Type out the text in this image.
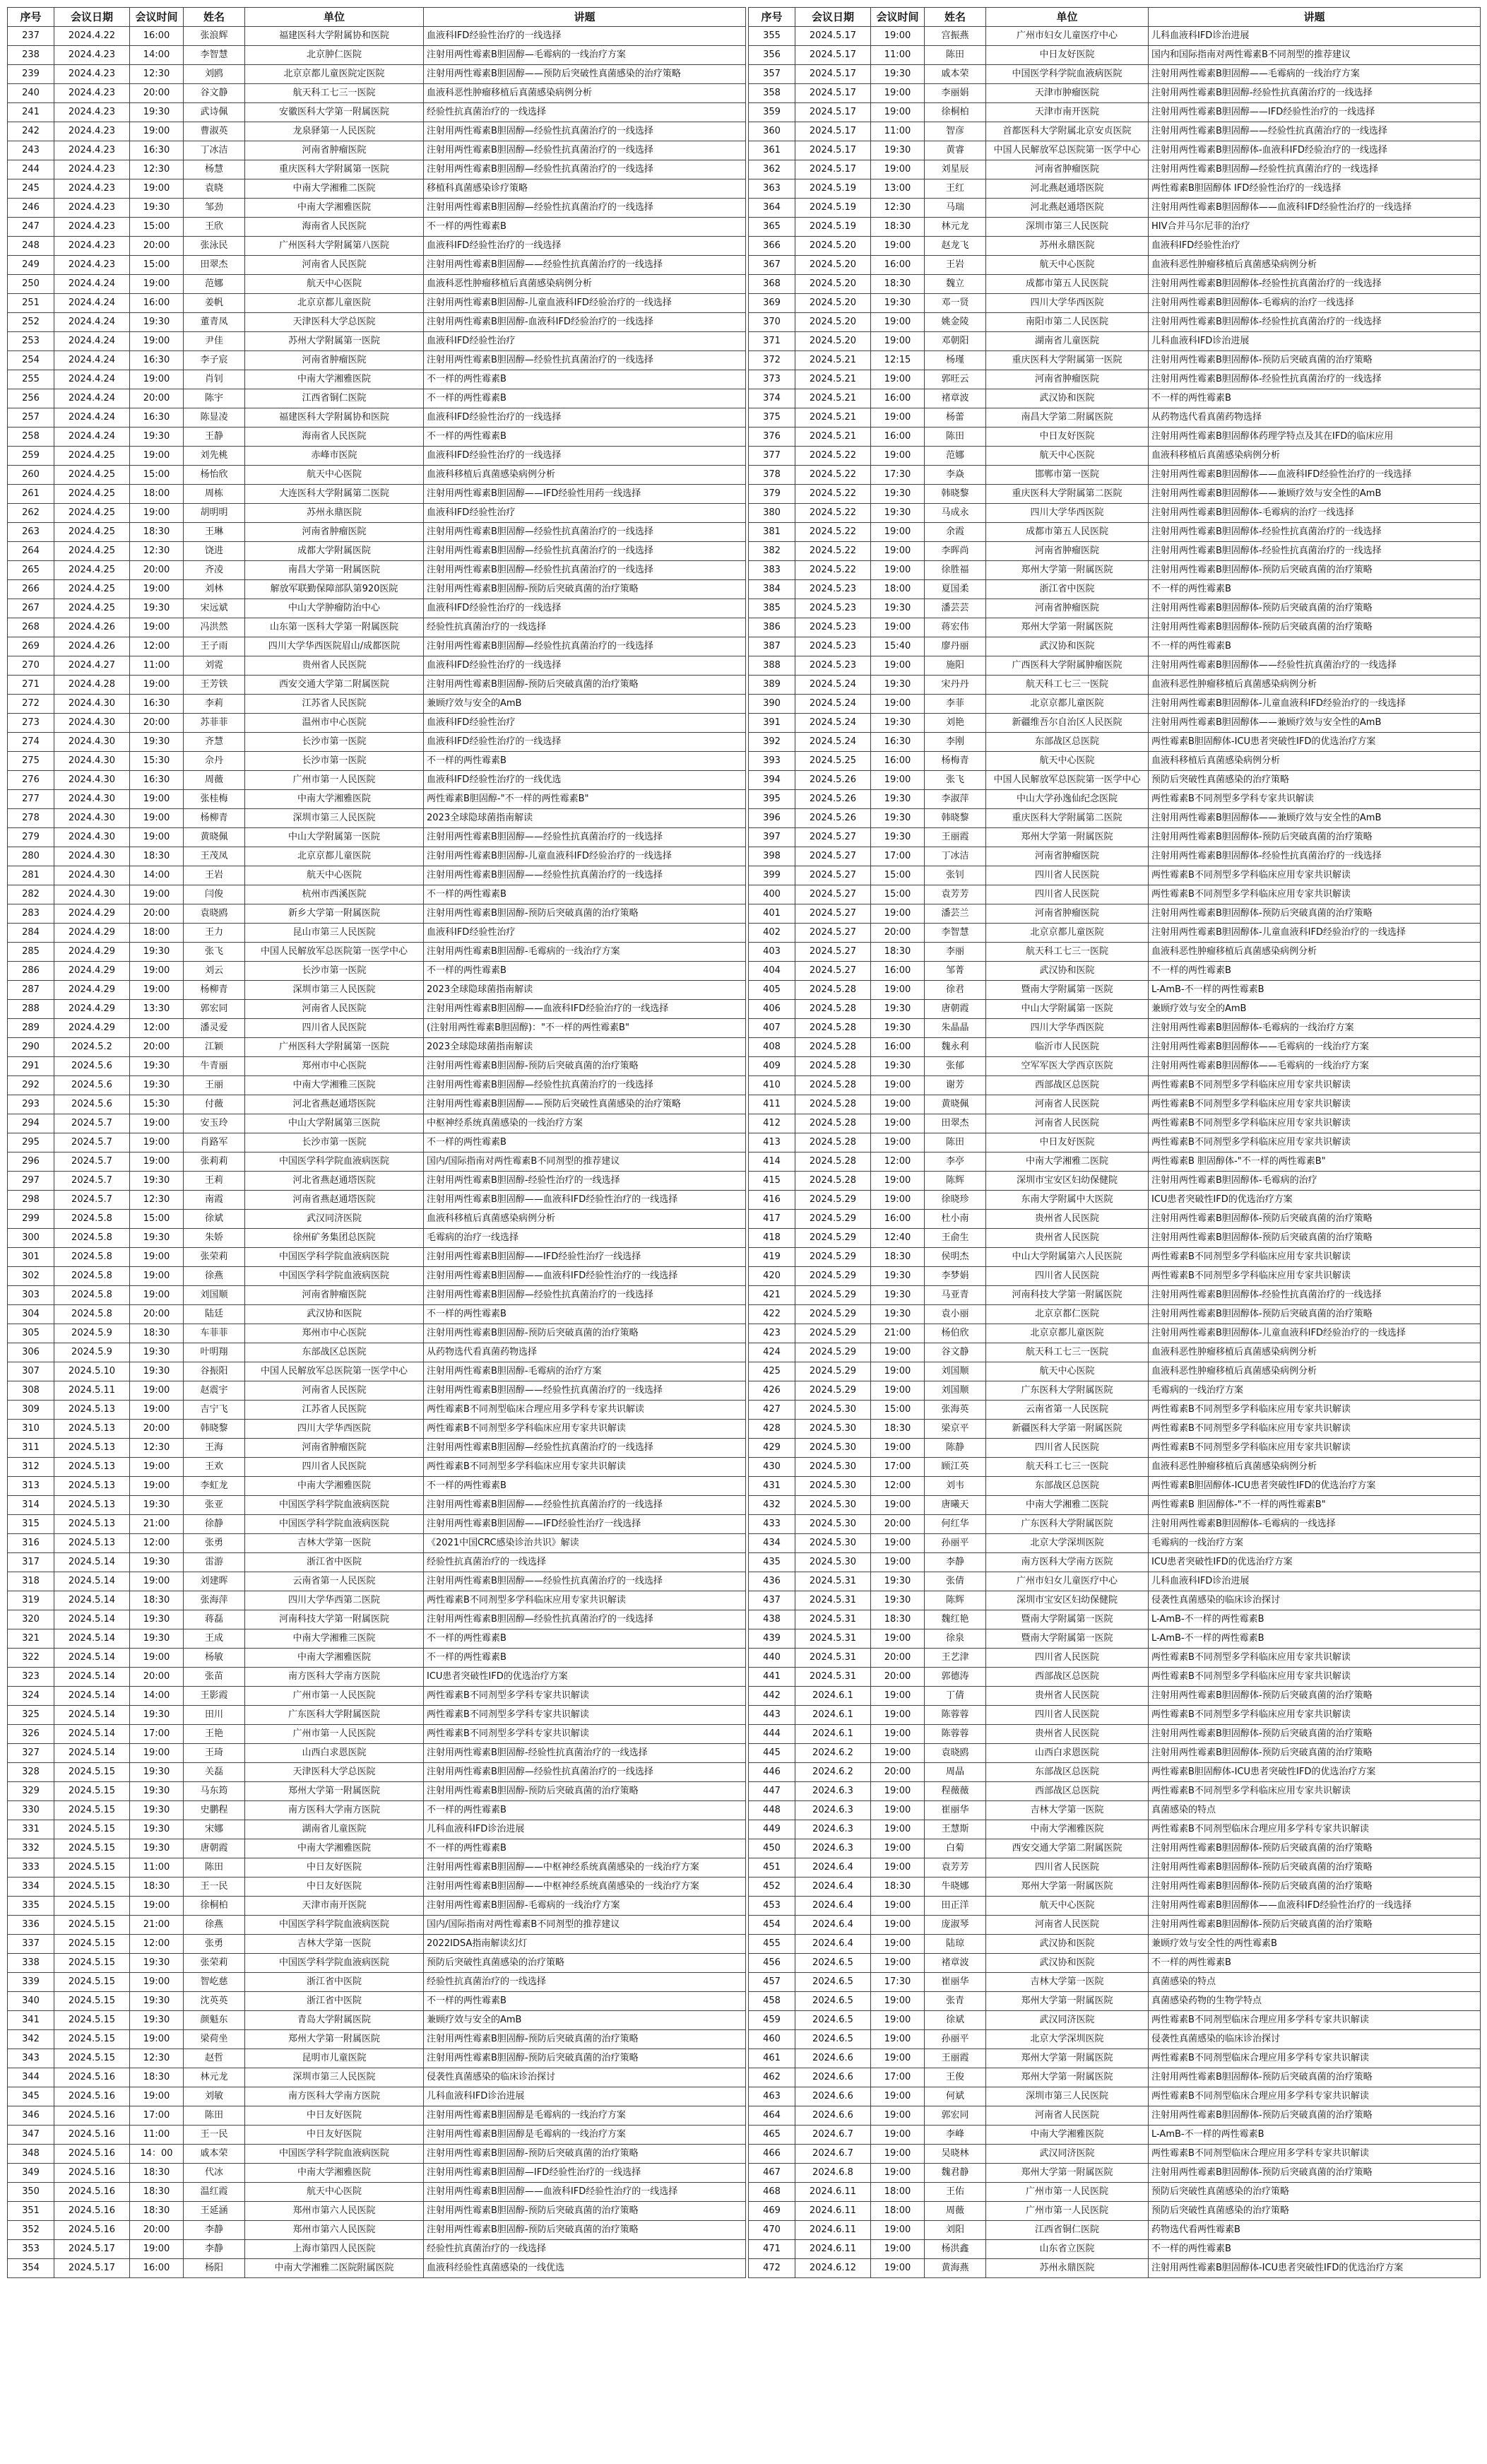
序号	会议日期	会议时间	姓名	单位	讲题
237	2024.4.22	16:00	张浪辉	福建医科大学附属协和医院	血液科IFD经验性治疗的一线选择
238	2024.4.23	14:00	李智慧	北京肿仁医院	注射用两性霉素B胆固醇—毛霉病的一线治疗方案
239	2024.4.23	12:30	刘鸥	北京京都儿童医院定医院	注射用两性霉素B胆固醇——预防后突破性真菌感染的治疗策略
240	2024.4.23	20:00	谷文静	航天科工七三一医院	血液科恶性肿瘤移植后真菌感染病例分析
241	2024.4.23	19:30	武诗佩	安徽医科大学第一附属医院	经验性抗真菌治疗的一线选择
242	2024.4.23	19:00	曹淑英	龙泉驿第一人民医院	注射用两性霉素B胆固醇—经验性抗真菌治疗的一线选择
243	2024.4.23	16:30	丁冰洁	河南省肿瘤医院	注射用两性霉素B胆固醇—经验性抗真菌治疗的一线选择
244	2024.4.23	12:30	杨慧	重庆医科大学附属第一医院	注射用两性霉素B胆固醇—经验性抗真菌治疗的一线选择
245	2024.4.23	19:00	袁晓	中南大学湘雅二医院	移植科真菌感染诊疗策略
246	2024.4.23	19:30	邹劲	中南大学湘雅医院	注射用两性霉素B胆固醇—经验性抗真菌治疗的一线选择
247	2024.4.23	15:00	王欣	海南省人民医院	不一样的两性霉素B
248	2024.4.23	20:00	张泳民	广州医科大学附属第八医院	血液科IFD经验性治疗的一线选择
249	2024.4.23	15:00	田翠杰	河南省人民医院	注射用两性霉素B胆固醇——经验性抗真菌治疗的一线选择
250	2024.4.24	19:00	范娜	航天中心医院	血液科恶性肿瘤移植后真菌感染病例分析
251	2024.4.24	16:00	姜帆	北京京都儿童医院	注射用两性霉素B胆固醇-儿童血液科IFD经验治疗的一线选择
252	2024.4.24	19:30	董青凤	天津医科大学总医院	注射用两性霉素B胆固醇-血液科IFD经验治疗的一线选择
253	2024.4.24	19:00	尹佳	苏州大学附属第一医院	血液科IFD经验性治疗
254	2024.4.24	16:30	李子宸	河南省肿瘤医院	注射用两性霉素B胆固醇—经验性抗真菌治疗的一线选择
255	2024.4.24	19:00	肖钊	中南大学湘雅医院	不一样的两性霉素B
256	2024.4.24	20:00	陈宇	江西省铜仁医院	不一样的两性霉素B
257	2024.4.24	16:30	陈显凌	福建医科大学附属协和医院	血液科IFD经验性治疗的一线选择
258	2024.4.24	19:30	王静	海南省人民医院	不一样的两性霉素B
259	2024.4.25	19:00	刘先桃	赤峰市医院	血液科IFD经验性治疗的一线选择
260	2024.4.25	15:00	杨怡欣	航天中心医院	血液科移植后真菌感染病例分析
261	2024.4.25	18:00	周栋	大连医科大学附属第二医院	注射用两性霉素B胆固醇——IFD经验性用药一线选择
262	2024.4.25	19:00	胡明明	苏州永鼎医院	血液科IFD经验性治疗
263	2024.4.25	18:30	王琳	河南省肿瘤医院	注射用两性霉素B胆固醇—经验性抗真菌治疗的一线选择
264	2024.4.25	12:30	饶进	成都大学附属医院	注射用两性霉素B胆固醇—经验性抗真菌治疗的一线选择
265	2024.4.25	20:00	齐凌	南昌大学第一附属医院	注射用两性霉素B胆固醇—经验性抗真菌治疗的一线选择
266	2024.4.25	19:00	刘林	解放军联勤保障部队第920医院	注射用两性霉素B胆固醇-预防后突破真菌的治疗策略
267	2024.4.25	19:30	宋远斌	中山大学肿瘤防治中心	血液科IFD经验性治疗的一线选择
268	2024.4.26	19:00	冯洪然	山东第一医科大学第一附属医院	经验性抗真菌治疗的一线选择
269	2024.4.26	12:00	王子雨	四川大学华西医院眉山/成都医院	注射用两性霉素B胆固醇—经验性抗真菌治疗的一线选择
270	2024.4.27	11:00	刘霓	贵州省人民医院	血液科IFD经验性治疗的一线选择
271	2024.4.28	19:00	王芳铁	西安交通大学第二附属医院	注射用两性霉素B胆固醇-预防后突破真菌的治疗策略
272	2024.4.30	16:30	李莉	江苏省人民医院	兼顾疗效与安全的AmB
273	2024.4.30	20:00	苏菲菲	温州市中心医院	血液科IFD经验性治疗
274	2024.4.30	19:30	齐慧	长沙市第一医院	血液科IFD经验性治疗的一线选择
275	2024.4.30	15:30	佘丹	长沙市第一医院	不一样的两性霉素B
276	2024.4.30	16:30	周薇	广州市第一人民医院	血液科IFD经验性治疗的一线优选
277	2024.4.30	19:00	张桂梅	中南大学湘雅医院	两性霉素B胆固醇-"不一样的两性霉素B"
278	2024.4.30	19:00	杨柳青	深圳市第三人民医院	2023全球隐球菌指南解读
279	2024.4.30	19:00	黄晓佩	中山大学附属第一医院	注射用两性霉素B胆固醇——经验性抗真菌治疗的一线选择
280	2024.4.30	18:30	王茂凤	北京京都儿童医院	注射用两性霉素B胆固醇-儿童血液科IFD经验治疗的一线选择
281	2024.4.30	14:00	王岩	航天中心医院	注射用两性霉素B胆固醇——经验性抗真菌治疗的一线选择
282	2024.4.30	19:00	闫俊	杭州市西溪医院	不一样的两性霉素B
283	2024.4.29	20:00	袁晓鸥	新乡大学第一附属医院	注射用两性霉素B胆固醇-预防后突破真菌的治疗策略
284	2024.4.29	18:00	王力	昆山市第三人民医院	血液科IFD经验性治疗
285	2024.4.29	19:30	张飞	中国人民解放军总医院第一医学中心	注射用两性霉素B胆固醇-毛霉病的一线治疗方案
286	2024.4.29	19:00	刘云	长沙市第一医院	不一样的两性霉素B
287	2024.4.29	19:00	杨柳青	深圳市第三人民医院	2023全球隐球菌指南解读
288	2024.4.29	13:30	郭宏同	河南省人民医院	注射用两性霉素B胆固醇——血液科IFD经验治疗的一线选择
289	2024.4.29	12:00	潘灵爱	四川省人民医院	(注射用两性霉素B胆固醇)："不一样的两性霉素B"
290	2024.5.2	20:00	江颖	广州医科大学附属第一医院	2023全球隐球菌指南解读
291	2024.5.6	19:30	牛青丽	郑州市中心医院	注射用两性霉素B胆固醇-预防后突破真菌的治疗策略
292	2024.5.6	19:30	王丽	中南大学湘雅三医院	注射用两性霉素B胆固醇—经验性抗真菌治疗的一线选择
293	2024.5.6	15:30	付薇	河北省燕赵通塔医院	注射用两性霉素B胆固醇——预防后突破性真菌感染的治疗策略
294	2024.5.7	19:00	安玉玲	中山大学附属第三医院	中枢神经系统真菌感染的一线治疗方案
295	2024.5.7	19:00	肖路军	长沙市第一医院	不一样的两性霉素B
296	2024.5.7	19:00	张莉莉	中国医学科学院血液病医院	国内/国际指南对两性霉素B不同剂型的推荐建议
297	2024.5.7	19:30	王莉	河北省燕赵通塔医院	注射用两性霉素B胆固醇-经验性治疗的一线选择
298	2024.5.7	12:30	南霞	河南省燕赵通塔医院	注射用两性霉素B胆固醇——血液科IFD经验性治疗的一线选择
299	2024.5.8	15:00	徐斌	武汉同济医院	血液科移植后真菌感染病例分析
300	2024.5.8	19:30	朱娇	徐州矿务集团总医院	毛霉病的治疗一线选择
301	2024.5.8	19:00	张荣莉	中国医学科学院血液病医院	注射用两性霉素B胆固醇——IFD经验性治疗一线选择
302	2024.5.8	19:00	徐燕	中国医学科学院血液病医院	注射用两性霉素B胆固醇——血液科IFD经验性治疗的一线选择
303	2024.5.8	19:00	刘国顺	河南省肿瘤医院	注射用两性霉素B胆固醇—经验性抗真菌治疗的一线选择
304	2024.5.8	20:00	陆廷	武汉协和医院	不一样的两性霉素B
305	2024.5.9	18:30	车菲菲	郑州市中心医院	注射用两性霉素B胆固醇-预防后突破真菌的治疗策略
306	2024.5.9	19:30	叶明翔	东部战区总医院	从药物选代看真菌药物选择
307	2024.5.10	19:30	谷振阳	中国人民解放军总医院第一医学中心	注射用两性霉素B胆固醇-毛霉病的治疗方案
308	2024.5.11	19:00	赵震宇	河南省人民医院	注射用两性霉素B胆固醇——经验性抗真菌治疗的一线选择
309	2024.5.13	19:00	吉宁飞	江苏省人民医院	两性霉素B不同剂型临床合理应用多学科专家共识解读
310	2024.5.13	20:00	韩晓黎	四川大学华西医院	两性霉素B不同剂型多学科临床应用专家共识解读
311	2024.5.13	12:30	王海	河南省肿瘤医院	注射用两性霉素B胆固醇—经验性抗真菌治疗的一线选择
312	2024.5.13	19:00	王欢	四川省人民医院	两性霉素B不同剂型多学科临床应用专家共识解读
313	2024.5.13	19:00	李虹龙	中南大学湘雅医院	不一样的两性霉素B
314	2024.5.13	19:30	张亚	中国医学科学院血液病医院	注射用两性霉素B胆固醇——经验性抗真菌治疗的一线选择
315	2024.5.13	21:00	徐静	中国医学科学院血液病医院	注射用两性霉素B胆固醇——IFD经验性治疗一线选择
316	2024.5.13	12:00	张勇	吉林大学第一医院	《2021中国CRC感染诊治共识》解读
317	2024.5.14	19:30	雷游	浙江省中医院	经验性抗真菌治疗的一线选择
318	2024.5.14	19:00	刘建晖	云南省第一人民医院	注射用两性霉素B胆固醇——经验性抗真菌治疗的一线选择
319	2024.5.14	18:30	张海萍	四川大学华西第二医院	两性霉素B不同剂型多学科临床应用专家共识解读
320	2024.5.14	19:30	蒋磊	河南科技大学第一附属医院	注射用两性霉素B胆固醇—经验性抗真菌治疗的一线选择
321	2024.5.14	19:30	王成	中南大学湘雅三医院	不一样的两性霉素B
322	2024.5.14	19:00	杨敏	中南大学湘雅医院	不一样的两性霉素B
323	2024.5.14	20:00	张苗	南方医科大学南方医院	ICU患者突破性IFD的优选治疗方案
324	2024.5.14	14:00	王影霞	广州市第一人民医院	两性霉素B不同剂型多学科专家共识解读
325	2024.5.14	19:30	田川	广东医科大学附属医院	两性霉素B不同剂型多学科专家共识解读
326	2024.5.14	17:00	王艳	广州市第一人民医院	两性霉素B不同剂型多学科专家共识解读
327	2024.5.14	19:00	王琦	山西白求恩医院	注射用两性霉素B胆固醇-经验性抗真菌治疗的一线选择
328	2024.5.15	19:30	关磊	天津医科大学总医院	注射用两性霉素B胆固醇—经验性抗真菌治疗的一线选择
329	2024.5.15	19:30	马东筠	郑州大学第一附属医院	注射用两性霉素B胆固醇-预防后突破真菌的治疗策略
330	2024.5.15	19:30	史鹏程	南方医科大学南方医院	不一样的两性霉素B
331	2024.5.15	19:30	宋娜	湖南省儿童医院	儿科血液科IFD诊治进展
332	2024.5.15	19:30	唐朝霞	中南大学湘雅医院	不一样的两性霉素B
333	2024.5.15	11:00	陈田	中日友好医院	注射用两性霉素B胆固醇——中枢神经系统真菌感染的一线治疗方案
334	2024.5.15	18:30	王一民	中日友好医院	注射用两性霉素B胆固醇——中枢神经系统真菌感染的一线治疗方案
335	2024.5.15	19:00	徐桐柏	天津市南开医院	注射用两性霉素B胆固醇-毛霉病的一线治疗方案
336	2024.5.15	21:00	徐燕	中国医学科学院血液病医院	国内/国际指南对两性霉素B不同剂型的推荐建议
337	2024.5.15	12:00	张勇	吉林大学第一医院	2022IDSA指南解读幻灯
338	2024.5.15	19:30	张荣莉	中国医学科学院血液病医院	预防后突破性真菌感染的治疗策略
339	2024.5.15	19:00	智屹慈	浙江省中医院	经验性抗真菌治疗的一线选择
340	2024.5.15	19:30	沈英英	浙江省中医院	不一样的两性霉素B
341	2024.5.15	19:30	颜魁东	青岛大学附属医院	兼顾疗效与安全的AmB
342	2024.5.15	19:00	梁荷坐	郑州大学第一附属医院	注射用两性霉素B胆固醇-预防后突破真菌的治疗策略
343	2024.5.15	12:30	赵哲	昆明市儿童医院	注射用两性霉素B胆固醇-预防后突破真菌的治疗策略
344	2024.5.16	18:30	林元龙	深圳市第三人民医院	侵袭性真菌感染的临床诊治探讨
345	2024.5.16	19:00	刘敏	南方医科大学南方医院	儿科血液科IFD诊治进展
346	2024.5.16	17:00	陈田	中日友好医院	注射用两性霉素B胆固醇是毛霉病的一线治疗方案
347	2024.5.16	11:00	王一民	中日友好医院	注射用两性霉素B胆固醇是毛霉病的一线治疗方案
348	2024.5.16	14：00	戚本荣	中国医学科学院血液病医院	注射用两性霉素B胆固醇-预防后突破真菌的治疗策略
349	2024.5.16	18:30	代冰	中南大学湘雅医院	注射用两性霉素B胆固醇—IFD经验性治疗的一线选择
350	2024.5.16	18:30	温红霞	航天中心医院	注射用两性霉素B胆固醇——血液科IFD经验性治疗的一线选择
351	2024.5.16	18:30	王延涵	郑州市第六人民医院	注射用两性霉素B胆固醇-预防后突破真菌的治疗策略
352	2024.5.16	20:00	李静	郑州市第六人民医院	注射用两性霉素B胆固醇-预防后突破真菌的治疗策略
353	2024.5.17	19:00	李静	上海市第四人民医院	经验性抗真菌治疗的一线选择
354	2024.5.17	16:00	杨阳	中南大学湘雅二医院附属医院	血液科经验性真菌感染的一线优选
序号	会议日期	会议时间	姓名	单位	讲题
355	2024.5.17	19:00	宫振燕	广州市妇女儿童医疗中心	儿科血液科IFD诊治进展
356	2024.5.17	11:00	陈田	中日友好医院	国内和国际指南对两性霉素B不同剂型的推荐建议
357	2024.5.17	19:30	戚本荣	中国医学科学院血液病医院	注射用两性霉素B胆固醇——毛霉病的一线治疗方案
358	2024.5.17	19:00	李丽娟	天津市肿瘤医院	注射用两性霉素B胆固醇-经验性抗真菌治疗的一线选择
359	2024.5.17	19:00	徐桐柏	天津市南开医院	注射用两性霉素B胆固醇——IFD经验性治疗的一线选择
360	2024.5.17	11:00	智彦	首都医科大学附属北京安贞医院	注射用两性霉素B胆固醇——经验性抗真菌治疗的一线选择
361	2024.5.17	19:30	黄睿	中国人民解放军总医院第一医学中心	注射用两性霉素B胆固醇体-血液科IFD经验治疗的一线选择
362	2024.5.17	19:00	刘星辰	河南省肿瘤医院	注射用两性霉素B胆固醇—经验性抗真菌治疗的一线选择
363	2024.5.19	13:00	王红	河北燕赵通塔医院	两性霉素B胆固醇体 IFD经验性治疗的一线选择
364	2024.5.19	12:30	马瑞	河北燕赵通塔医院	注射用两性霉素B胆固醇体——血液科IFD经验性治疗的一线选择
365	2024.5.19	18:30	林元龙	深圳市第三人民医院	HIV合并马尔尼菲的治疗
366	2024.5.20	19:00	赵龙飞	苏州永鼎医院	血液科IFD经验性治疗
367	2024.5.20	16:00	王岩	航天中心医院	血液科恶性肿瘤移植后真菌感染病例分析
368	2024.5.20	18:30	魏立	成都市第五人民医院	注射用两性霉素B胆固醇体-经验性抗真菌治疗的一线选择
369	2024.5.20	19:30	邓一贤	四川大学华西医院	注射用两性霉素B胆固醇体-毛霉病的治疗一线选择
370	2024.5.20	19:00	姚金陵	南阳市第二人民医院	注射用两性霉素B胆固醇体-经验性抗真菌治疗的一线选择
371	2024.5.20	19:00	邓朝阳	湖南省儿童医院	儿科血液科IFD诊治进展
372	2024.5.21	12:15	杨瑾	重庆医科大学附属第一医院	注射用两性霉素B胆固醇体-预防后突破真菌的治疗策略
373	2024.5.21	19:00	郭旺云	河南省肿瘤医院	注射用两性霉素B胆固醇体-经验性抗真菌治疗的一线选择
374	2024.5.21	16:00	褚章波	武汉协和医院	不一样的两性霉素B
375	2024.5.21	19:00	杨蕾	南昌大学第二附属医院	从药物选代看真菌药物选择
376	2024.5.21	16:00	陈田	中日友好医院	注射用两性霉素B胆固醇体药理学特点及其在IFD的临床应用
377	2024.5.22	19:00	范娜	航天中心医院	血液科移植后真菌感染病例分析
378	2024.5.22	17:30	李焱	邯郸市第一医院	注射用两性霉素B胆固醇体——血液科IFD经验性治疗的一线选择
379	2024.5.22	19:30	韩晓黎	重庆医科大学附属第二医院	注射用两性霉素B胆固醇体——兼顾疗效与安全性的AmB
380	2024.5.22	19:30	马成永	四川大学华西医院	注射用两性霉素B胆固醇体-毛霉病的治疗一线选择
381	2024.5.22	19:00	余霞	成都市第五人民医院	注射用两性霉素B胆固醇体-经验性抗真菌治疗的一线选择
382	2024.5.22	19:00	李晖尚	河南省肿瘤医院	注射用两性霉素B胆固醇体-经验性抗真菌治疗的一线选择
383	2024.5.22	19:00	徐胜福	郑州大学第一附属医院	注射用两性霉素B胆固醇体-预防后突破真菌的治疗策略
384	2024.5.23	18:00	夏国柔	浙江省中医院	不一样的两性霉素B
385	2024.5.23	19:30	潘芸芸	河南省肿瘤医院	注射用两性霉素B胆固醇体-预防后突破真菌的治疗策略
386	2024.5.23	19:00	蒋宏伟	郑州大学第一附属医院	注射用两性霉素B胆固醇体-预防后突破真菌的治疗策略
387	2024.5.23	15:40	廖丹丽	武汉协和医院	不一样的两性霉素B
388	2024.5.23	19:00	施阳	广西医科大学附属肿瘤医院	注射用两性霉素B胆固醇体——经验性抗真菌治疗的一线选择
389	2024.5.24	19:30	宋丹丹	航天科工七三一医院	血液科恶性肿瘤移植后真菌感染病例分析
390	2024.5.24	19:00	李菲	北京京都儿童医院	注射用两性霉素B胆固醇体-儿童血液科IFD经验治疗的一线选择
391	2024.5.24	19:30	刘艳	新疆维吾尔自治区人民医院	注射用两性霉素B胆固醇体——兼顾疗效与安全性的AmB
392	2024.5.24	16:30	李刚	东部战区总医院	两性霉素B胆固醇体-ICU患者突破性IFD的优选治疗方案
393	2024.5.25	16:00	杨梅青	航天中心医院	血液科移植后真菌感染病例分析
394	2024.5.26	19:00	张飞	中国人民解放军总医院第一医学中心	预防后突破性真菌感染的治疗策略
395	2024.5.26	19:30	李淑萍	中山大学孙逸仙纪念医院	两性霉素B不同剂型多学科专家共识解读
396	2024.5.26	19:30	韩晓黎	重庆医科大学附属第二医院	注射用两性霉素B胆固醇体——兼顾疗效与安全性的AmB
397	2024.5.27	19:30	王丽霞	郑州大学第一附属医院	注射用两性霉素B胆固醇体-预防后突破真菌的治疗策略
398	2024.5.27	17:00	丁冰洁	河南省肿瘤医院	注射用两性霉素B胆固醇体-经验性抗真菌治疗的一线选择
399	2024.5.27	15:00	张钊	四川省人民医院	两性霉素B不同剂型多学科临床应用专家共识解读
400	2024.5.27	15:00	袁芳芳	四川省人民医院	两性霉素B不同剂型多学科临床应用专家共识解读
401	2024.5.27	19:00	潘芸兰	河南省肿瘤医院	注射用两性霉素B胆固醇体-预防后突破真菌的治疗策略
402	2024.5.27	20:00	李智慧	北京京都儿童医院	注射用两性霉素B胆固醇体-儿童血液科IFD经验治疗的一线选择
403	2024.5.27	18:30	李丽	航天科工七三一医院	血液科恶性肿瘤移植后真菌感染病例分析
404	2024.5.27	16:00	邹菁	武汉协和医院	不一样的两性霉素B
405	2024.5.28	19:00	徐君	暨南大学附属第一医院	L-AmB-不一样的两性霉素B
406	2024.5.28	19:30	唐朝霞	中山大学附属第一医院	兼顾疗效与安全的AmB
407	2024.5.28	19:30	朱晶晶	四川大学华西医院	注射用两性霉素B胆固醇体-毛霉病的一线治疗方案
408	2024.5.28	16:00	魏永利	临沂市人民医院	注射用两性霉素B胆固醇体——毛霉病的一线治疗方案
409	2024.5.28	19:30	张郁	空军军医大学西京医院	注射用两性霉素B胆固醇体——毛霉病的一线治疗方案
410	2024.5.28	19:00	谢芳	西部战区总医院	两性霉素B不同剂型多学科临床应用专家共识解读
411	2024.5.28	19:00	黄晓佩	河南省人民医院	两性霉素B不同剂型多学科临床应用专家共识解读
412	2024.5.28	19:00	田翠杰	河南省人民医院	两性霉素B不同剂型多学科临床应用专家共识解读
413	2024.5.28	19:00	陈田	中日友好医院	两性霉素B不同剂型多学科临床应用专家共识解读
414	2024.5.28	12:00	李亭	中南大学湘雅二医院	两性霉素B 胆固醇体-"不一样的两性霉素B"
415	2024.5.28	19:00	陈辉	深圳市宝安区妇幼保健院	注射用两性霉素B胆固醇体-毛霉病的治疗
416	2024.5.29	19:00	徐晓珍	东南大学附属中大医院	ICU患者突破性IFD的优选治疗方案
417	2024.5.29	16:00	杜小南	贵州省人民医院	注射用两性霉素B胆固醇体-预防后突破真菌的治疗策略
418	2024.5.29	12:40	王俞生	贵州省人民医院	注射用两性霉素B胆固醇体-预防后突破真菌的治疗策略
419	2024.5.29	18:30	侯明杰	中山大学附属第六人民医院	两性霉素B不同剂型多学科临床应用专家共识解读
420	2024.5.29	19:30	李梦娟	四川省人民医院	两性霉素B不同剂型多学科临床应用专家共识解读
421	2024.5.29	19:30	马亚青	河南科技大学第一附属医院	注射用两性霉素B胆固醇体-经验性抗真菌治疗的一线选择
422	2024.5.29	19:30	袁小丽	北京京都仁医院	注射用两性霉素B胆固醇体-预防后突破真菌的治疗策略
423	2024.5.29	21:00	杨伯欣	北京京都儿童医院	注射用两性霉素B胆固醇体-儿童血液科IFD经验治疗的一线选择
424	2024.5.29	19:00	谷文静	航天科工七三一医院	血液科恶性肿瘤移植后真菌感染病例分析
425	2024.5.29	19:00	刘国顺	航天中心医院	血液科恶性肿瘤移植后真菌感染病例分析
426	2024.5.29	19:00	刘国顺	广东医科大学附属医院	毛霉病的一线治疗方案
427	2024.5.30	15:00	张海英	云南省第一人民医院	两性霉素B不同剂型多学科临床应用专家共识解读
428	2024.5.30	18:30	梁京平	新疆医科大学第一附属医院	两性霉素B不同剂型多学科临床应用专家共识解读
429	2024.5.30	19:00	陈静	四川省人民医院	两性霉素B不同剂型多学科临床应用专家共识解读
430	2024.5.30	17:00	顾江英	航天科工七三一医院	血液科恶性肿瘤移植后真菌感染病例分析
431	2024.5.30	12:00	刘韦	东部战区总医院	两性霉素B胆固醇体-ICU患者突破性IFD的优选治疗方案
432	2024.5.30	19:00	唐曦天	中南大学湘雅二医院	两性霉素B 胆固醇体-"不一样的两性霉素B"
433	2024.5.30	20:00	何红华	广东医科大学附属医院	注射用两性霉素B胆固醇体-毛霉病的一线选择
434	2024.5.30	19:00	孙丽平	北京大学深圳医院	毛霉病的一线治疗方案
435	2024.5.30	19:00	李静	南方医科大学南方医院	ICU患者突破性IFD的优选治疗方案
436	2024.5.31	19:30	张倩	广州市妇女儿童医疗中心	儿科血液科IFD诊治进展
437	2024.5.31	19:30	陈辉	深圳市宝安区妇幼保健院	侵袭性真菌感染的临床诊治探讨
438	2024.5.31	18:30	魏红艳	暨南大学附属第一医院	L-AmB-不一样的两性霉素B
439	2024.5.31	19:00	徐泉	暨南大学附属第一医院	L-AmB-不一样的两性霉素B
440	2024.5.31	20:00	王艺津	四川省人民医院	两性霉素B不同剂型多学科临床应用专家共识解读
441	2024.5.31	20:00	郭德涛	西部战区总医院	两性霉素B不同剂型多学科临床应用专家共识解读
442	2024.6.1	19:00	丁倩	贵州省人民医院	注射用两性霉素B胆固醇体-预防后突破真菌的治疗策略
443	2024.6.1	19:00	陈蓉蓉	四川省人民医院	两性霉素B不同剂型多学科临床应用专家共识解读
444	2024.6.1	19:00	陈蓉蓉	贵州省人民医院	注射用两性霉素B胆固醇体-预防后突破真菌的治疗策略
445	2024.6.2	19:00	袁晓鸥	山西白求恩医院	注射用两性霉素B胆固醇体-预防后突破真菌的治疗策略
446	2024.6.2	20:00	周晶	东部战区总医院	两性霉素B胆固醇体-ICU患者突破性IFD的优选治疗方案
447	2024.6.3	19:00	程薇薇	西部战区总医院	两性霉素B不同剂型多学科临床应用专家共识解读
448	2024.6.3	19:00	崔丽华	吉林大学第一医院	真菌感染的特点
449	2024.6.3	19:00	王慧斯	中南大学湘雅医院	两性霉素B不同剂型临床合理应用多学科专家共识解读
450	2024.6.3	19:00	白菊	西安交通大学第二附属医院	注射用两性霉素B胆固醇体-预防后突破真菌的治疗策略
451	2024.6.4	19:00	袁芳芳	四川省人民医院	注射用两性霉素B胆固醇体-预防后突破真菌的治疗策略
452	2024.6.4	18:30	牛晓娜	郑州大学第一附属医院	注射用两性霉素B胆固醇体-预防后突破真菌的治疗策略
453	2024.6.4	19:00	田正洋	航天中心医院	注射用两性霉素B胆固醇体——血液科IFD经验性治疗的一线选择
454	2024.6.4	19:00	庞淑琴	河南省人民医院	注射用两性霉素B胆固醇体-预防后突破真菌的治疗策略
455	2024.6.4	19:00	陆琼	武汉协和医院	兼顾疗效与安全性的两性霉素B
456	2024.6.5	19:00	褚章波	武汉协和医院	不一样的两性霉素B
457	2024.6.5	17:30	崔丽华	吉林大学第一医院	真菌感染的特点
458	2024.6.5	19:00	张青	郑州大学第一附属医院	真菌感染药物的生物学特点
459	2024.6.5	19:00	徐斌	武汉同济医院	两性霉素B不同剂型临床合理应用多学科专家共识解读
460	2024.6.5	19:00	孙丽平	北京大学深圳医院	侵袭性真菌感染的临床诊治探讨
461	2024.6.6	19:00	王丽霞	郑州大学第一附属医院	两性霉素B不同剂型临床合理应用多学科专家共识解读
462	2024.6.6	17:00	王俊	郑州大学第一附属医院	注射用两性霉素B胆固醇体-预防后突破真菌的治疗策略
463	2024.6.6	19:00	何斌	深圳市第三人民医院	两性霉素B不同剂型临床合理应用多学科专家共识解读
464	2024.6.6	19:00	郭宏同	河南省人民医院	注射用两性霉素B胆固醇体-预防后突破真菌的治疗策略
465	2024.6.7	19:00	李峰	中南大学湘雅医院	L-AmB-不一样的两性霉素B
466	2024.6.7	19:00	吴晓林	武汉同济医院	两性霉素B不同剂型临床合理应用多学科专家共识解读
467	2024.6.8	19:00	魏君静	郑州大学第一附属医院	注射用两性霉素B胆固醇体-预防后突破真菌的治疗策略
468	2024.6.11	18:00	王佑	广州市第一人民医院	预防后突破性真菌感染的治疗策略
469	2024.6.11	18:00	周薇	广州市第一人民医院	预防后突破性真菌感染的治疗策略
470	2024.6.11	19:00	刘阳	江西省铜仁医院	药物选代看两性霉素B
471	2024.6.11	19:00	杨洪鑫	山东省立医院	不一样的两性霉素B
472	2024.6.12	19:00	黄海燕	苏州永鼎医院	注射用两性霉素B胆固醇体-ICU患者突破性IFD的优选治疗方案
